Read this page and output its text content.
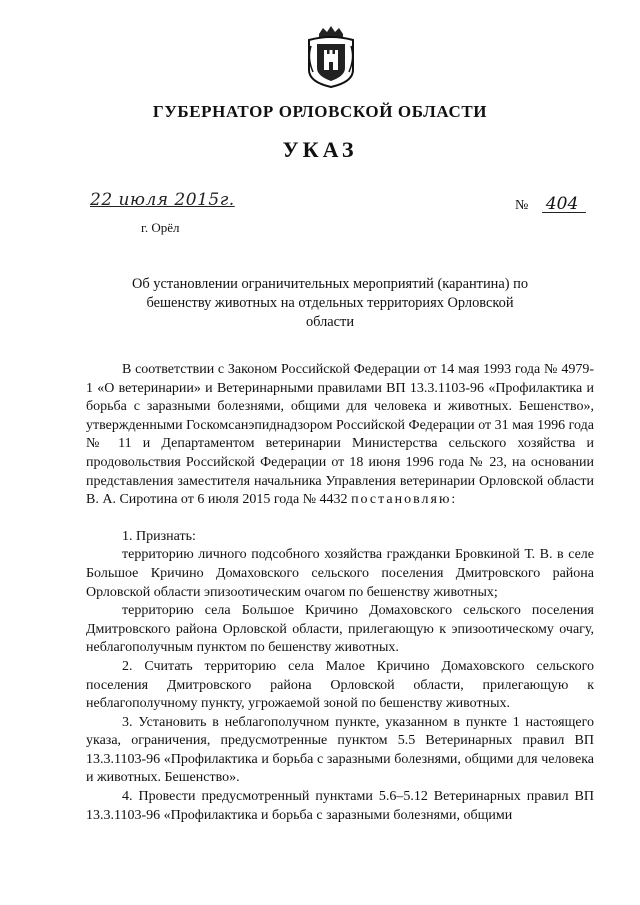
ГУБЕРНАТОР ОРЛОВСКОЙ ОБЛАСТИ
УКАЗ
22 июля 2015г.
г. Орёл
№ 404
Об установлении ограничительных мероприятий (карантина) по бешенству животных на отдельных территориях Орловской области

В соответствии с Законом Российской Федерации от 14 мая 1993 года № 4979-1 «О ветеринарии» и Ветеринарными правилами ВП 13.3.1103-96 «Профилактика и борьба с заразными болезнями, общими для человека и животных. Бешенство», утвержденными Госкомсанэпиднадзором Российской Федерации от 31 мая 1996 года № 11 и Департаментом ветеринарии Министерства сельского хозяйства и продовольствия Российской Федерации от 18 июня 1996 года № 23, на основании представления заместителя начальника Управления ветеринарии Орловской области В. А. Сиротина от 6 июля 2015 года № 4432 постановляю:

1. Признать:

территорию личного подсобного хозяйства гражданки Бровкиной Т. В. в селе Большое Кричино Домаховского сельского поселения Дмитровского района Орловской области эпизоотическим очагом по бешенству животных;

территорию села Большое Кричино Домаховского сельского поселения Дмитровского района Орловской области, прилегающую к эпизоотическому очагу, неблагополучным пунктом по бешенству животных.

2. Считать территорию села Малое Кричино Домаховского сельского поселения Дмитровского района Орловской области, прилегающую к неблагополучному пункту, угрожаемой зоной по бешенству животных.

3. Установить в неблагополучном пункте, указанном в пункте 1 настоящего указа, ограничения, предусмотренные пунктом 5.5 Ветеринарных правил ВП 13.3.1103-96 «Профилактика и борьба с заразными болезнями, общими для человека и животных. Бешенство».

4. Провести предусмотренный пунктами 5.6–5.12 Ветеринарных правил ВП 13.3.1103-96 «Профилактика и борьба с заразными болезнями, общими
